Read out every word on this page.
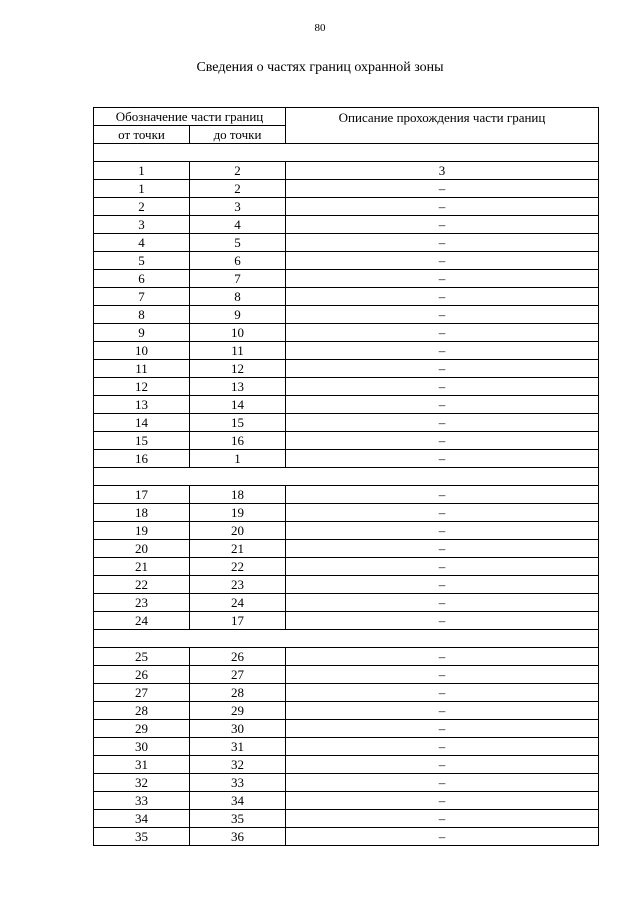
80
Сведения о частях границ охранной зоны
Обозначение части границ		Описание прохождения части границ
от точки	до точки	

1	2	3
1	2	–
2	3	–
3	4	–
4	5	–
5	6	–
6	7	–
7	8	–
8	9	–
9	10	–
10	11	–
11	12	–
12	13	–
13	14	–
14	15	–
15	16	–
16	1	–

17	18	–
18	19	–
19	20	–
20	21	–
21	22	–
22	23	–
23	24	–
24	17	–

25	26	–
26	27	–
27	28	–
28	29	–
29	30	–
30	31	–
31	32	–
32	33	–
33	34	–
34	35	–
35	36	–
